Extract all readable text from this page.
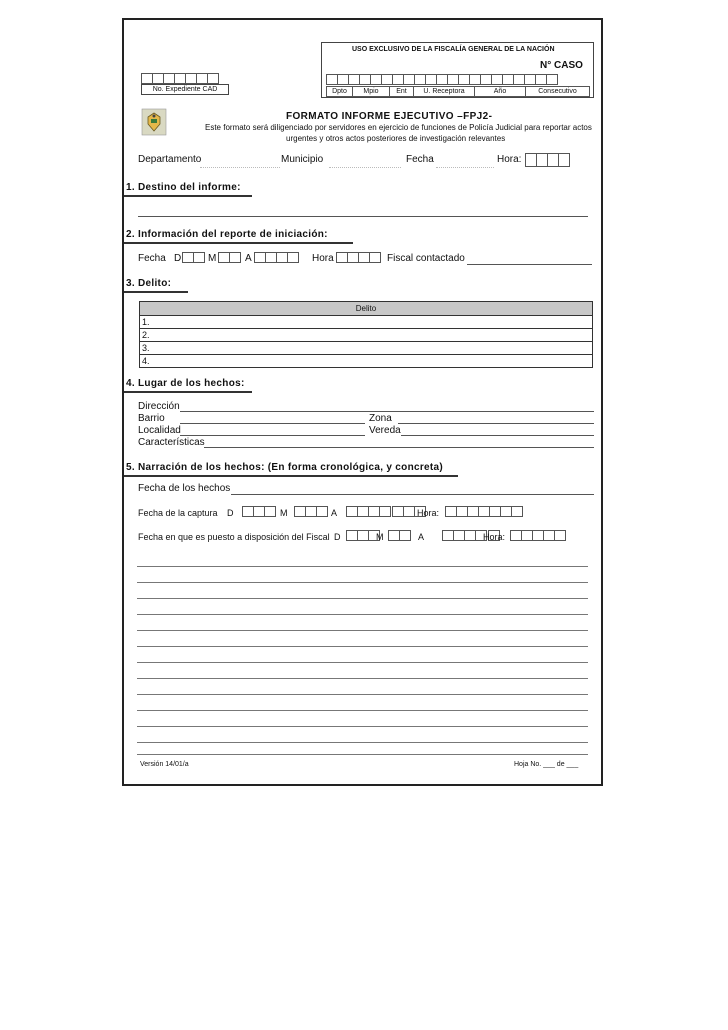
USO EXCLUSIVO DE LA FISCALÍA GENERAL DE LA NACIÓN
N° CASO
Dpto	Mpio	Ent	U. Receptora	Año	Consecutivo
No. Expediente CAD
FORMATO INFORME EJECUTIVO –FPJ2-
Este formato será diligenciado por servidores en ejercicio de funciones de Policía Judicial para reportar actos
urgentes y otros actos posteriores de investigación relevantes
Departamento	Municipio	Fecha	Hora:
1. Destino del informe:
2. Información del reporte de iniciación:
Fecha D	M	A	Hora	Fiscal contactado
3. Delito:
Delito
1.
2.
3.
4.
4. Lugar de los hechos:
Dirección
Barrio	Zona
Localidad	Vereda
Características
5. Narración de los hechos: (En forma cronológica, y concreta)
Fecha de los hechos
Fecha de la captura D	M	A	Hora:
Fecha en que es puesto a disposición del Fiscal D	M	A	Hora:
Versión 14/01/a	Hoja No. ___ de ___
